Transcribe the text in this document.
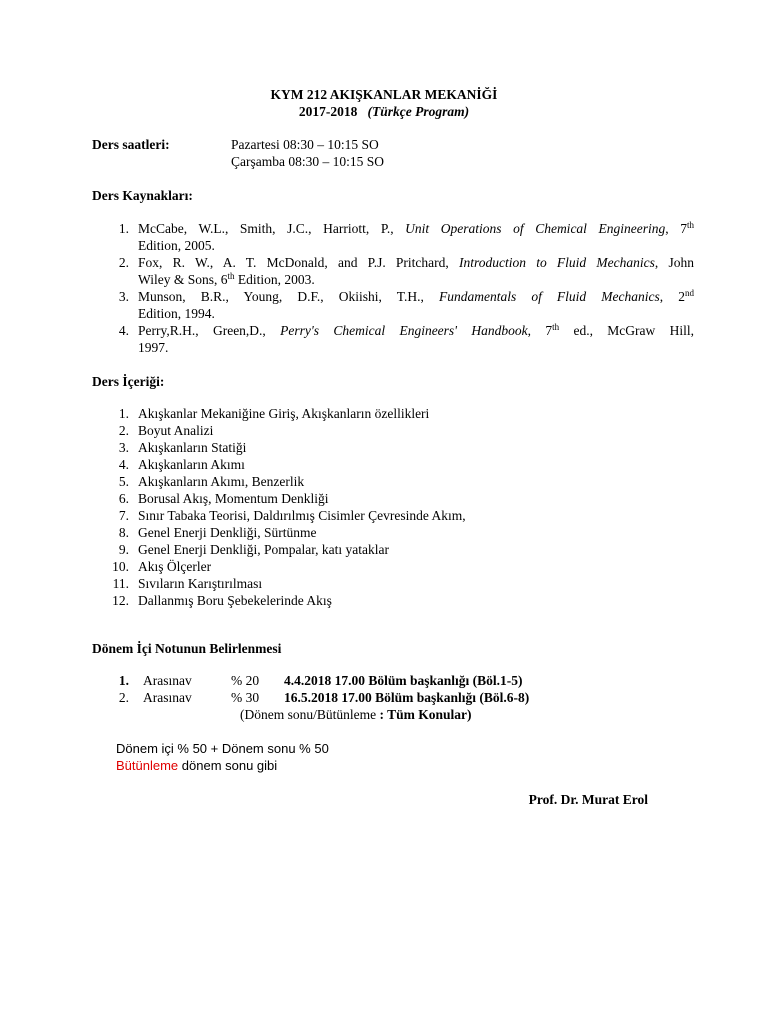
KYM 212 AKIŞKANLAR MEKANİĞİ
2017-2018 (Türkçe Program)
Ders saatleri:	Pazartesi 08:30 – 10:15 SO
Çarşamba 08:30 – 10:15 SO
Ders Kaynakları:
1. McCabe, W.L., Smith, J.C., Harriott, P., Unit Operations of Chemical Engineering, 7th
Edition, 2005.
2. Fox, R. W., A. T. McDonald, and P.J. Pritchard, Introduction to Fluid Mechanics, John
Wiley & Sons, 6th Edition, 2003.
3. Munson, B.R., Young, D.F., Okiishi, T.H., Fundamentals of Fluid Mechanics, 2nd
Edition, 1994.
4. Perry,R.H., Green,D., Perry's Chemical Engineers' Handbook, 7th ed., McGraw Hill,
1997.
Ders İçeriği:
1. Akışkanlar Mekaniğine Giriş, Akışkanların özellikleri
2. Boyut Analizi
3. Akışkanların Statiği
4. Akışkanların Akımı
5. Akışkanların Akımı, Benzerlik
6. Borusal Akış, Momentum Denkliği
7. Sınır Tabaka Teorisi, Daldırılmış Cisimler Çevresinde Akım,
8. Genel Enerji Denkliği, Sürtünme
9. Genel Enerji Denkliği, Pompalar, katı yataklar
10. Akış Ölçerler
11. Sıvıların Karıştırılması
12. Dallanmış Boru Şebekelerinde Akış
Dönem İçi Notunun Belirlenmesi
1. Arasınav	% 20 4.4.2018 17.00 Bölüm başkanlığı (Böl.1-5)
2. Arasınav	% 30 16.5.2018 17.00 Bölüm başkanlığı (Böl.6-8)
(Dönem sonu/Bütünleme : Tüm Konular)
Dönem içi % 50 + Dönem sonu % 50
Bütünleme dönem sonu gibi
Prof. Dr. Murat Erol
